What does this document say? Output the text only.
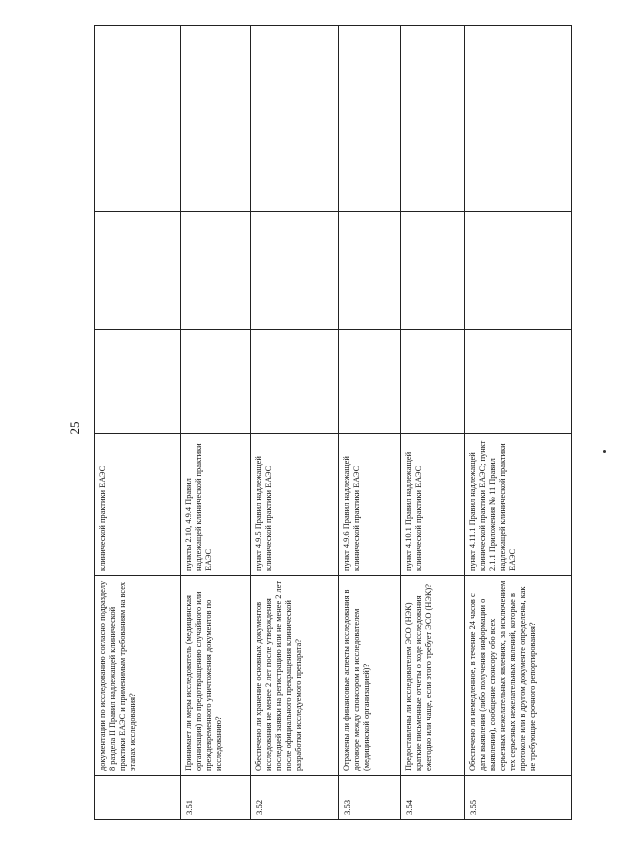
25
	документации по исследованию согласно подразделу 8 раздела II Правил надлежащей клинической практики ЕАЭС и применимым требованиям на всех этапах исследования?	клинической практики ЕАЭС			
3.51	Принимает ли меры исследователь (медицинская организация) по предотвращению случайного или преждевременного уничтожения документов по исследованию?	пункты 2.10, 4.9.4 Правил надлежащей клинической практики ЕАЭС			
3.52	Обеспечено ли хранение основных документов исследования не менее 2 лет после утверждения последней заявки на регистрацию или не менее 2 лет после официального прекращения клинической разработки исследуемого препарата?	пункт 4.9.5 Правил надлежащей клинической практики ЕАЭС			
3.53	Отражены ли финансовые аспекты исследования в договоре между спонсором и исследователем (медицинской организацией)?	пункт 4.9.6 Правил надлежащей клинической практики ЕАЭС			
3.54	Предоставлены ли исследователем ЭСО (НЭК) краткие письменные отчеты о ходе исследования ежегодно или чаще, если этого требует ЭСО (НЭК)?	пункт 4.10.1 Правил надлежащей клинической практики ЕАЭС			
3.55	Обеспечено ли немедленное, в течение 24 часов с даты выявления (либо получения информации о выявлении), сообщение спонсору обо всех серьезных нежелательных явлениях, за исключением тех серьезных нежелательных явлений, которые в протоколе или в другом документе определены, как не требующие срочного репортирования?	пункт 4.11.1 Правил надлежащей клинической практики ЕАЭС; пункт 2.1.1 Приложения № 11 Правил надлежащей клинической практики ЕАЭС			
